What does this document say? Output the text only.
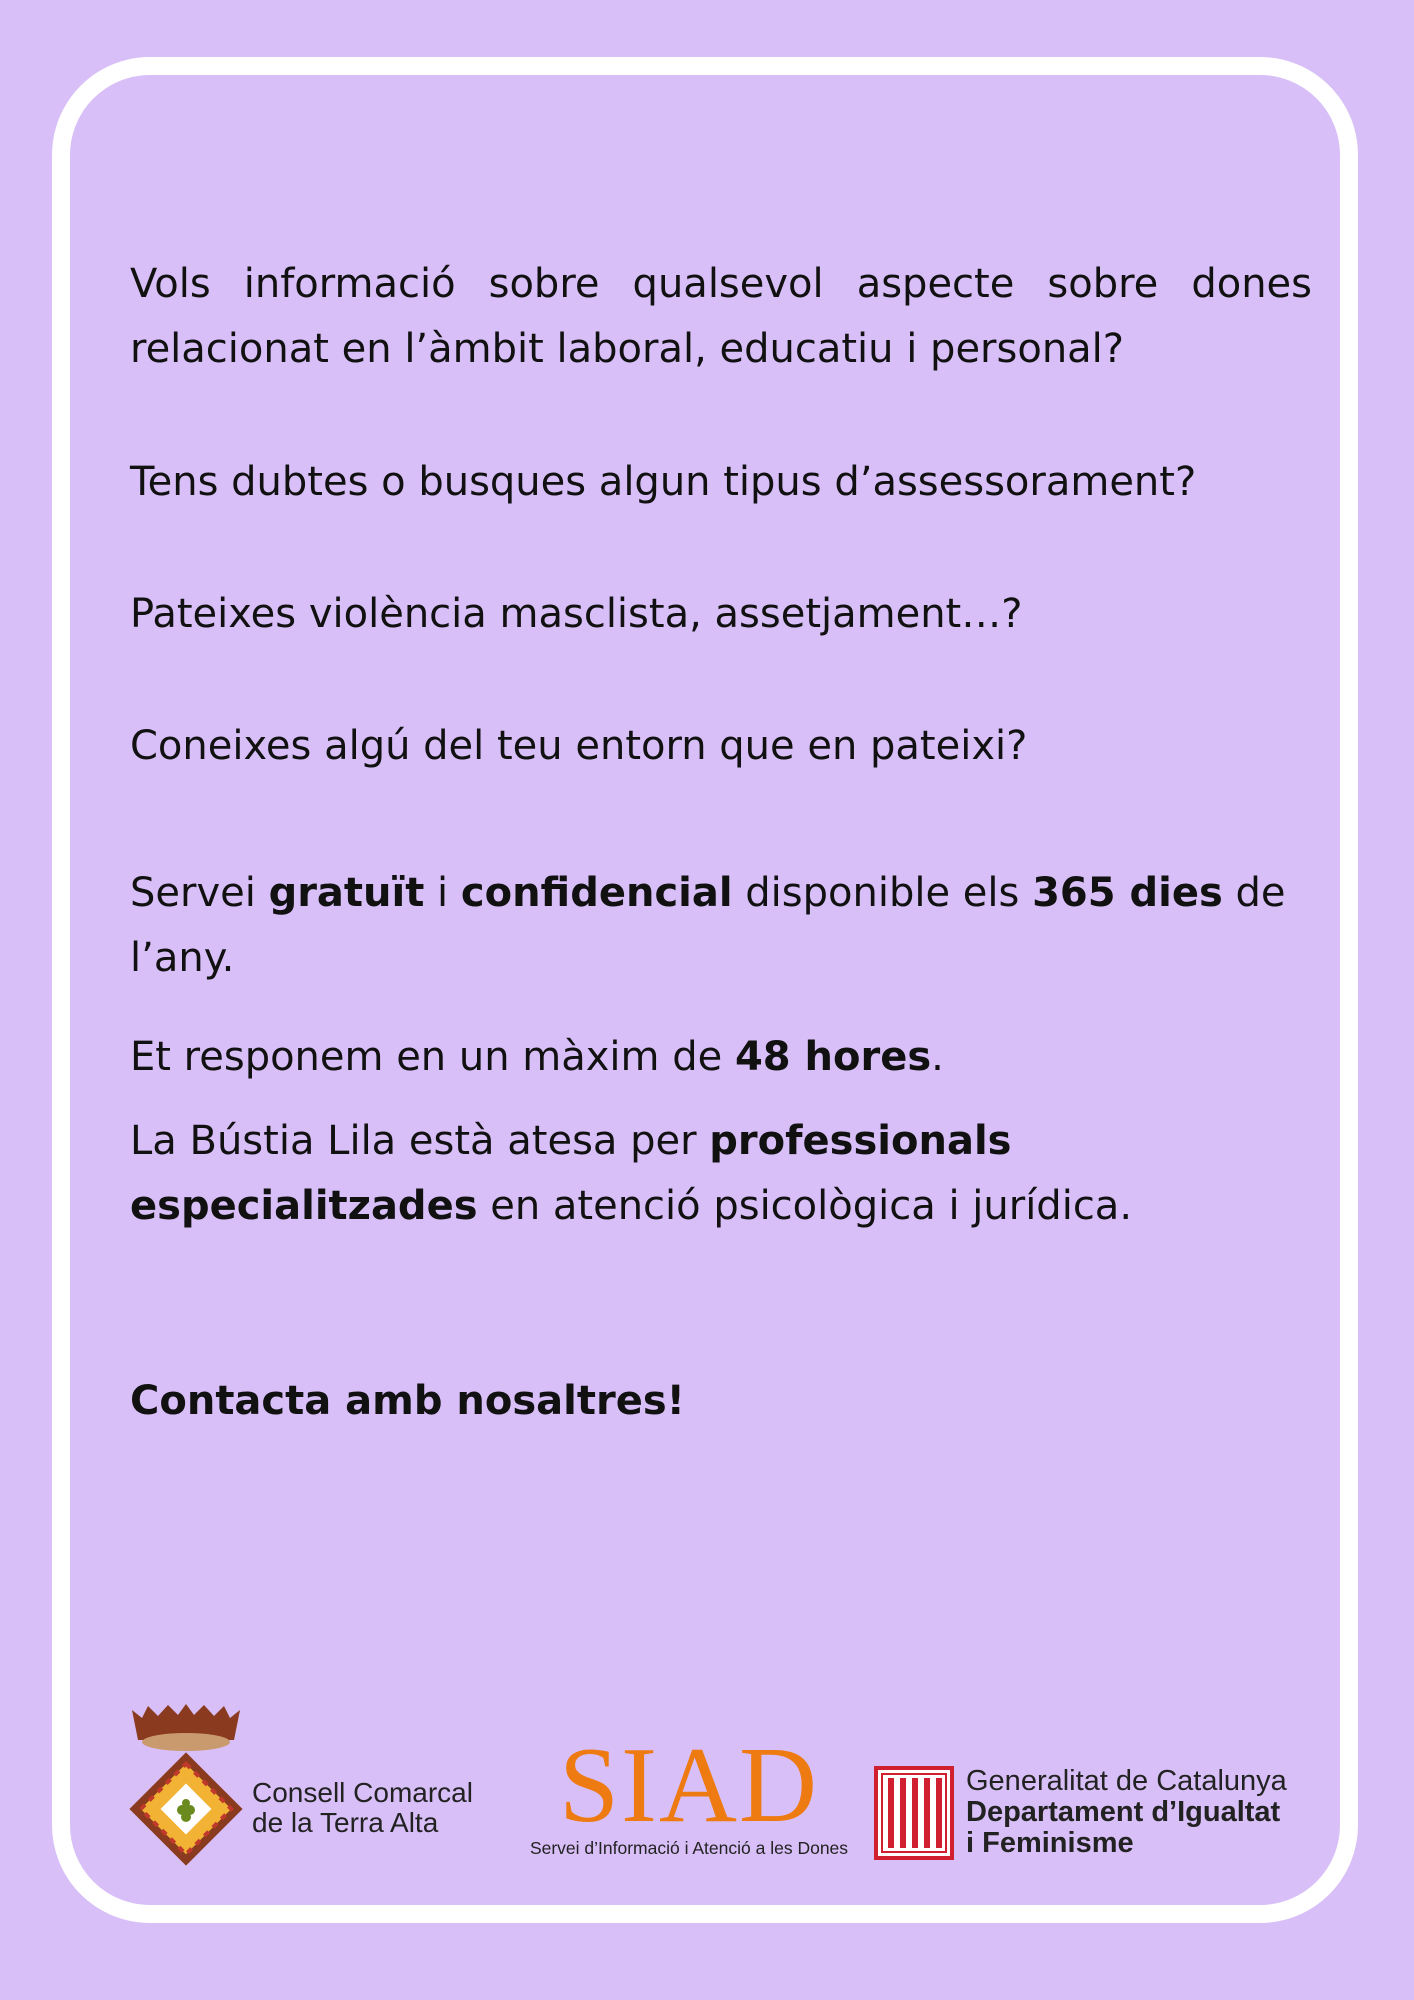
Vols informació sobre qualsevol aspecte sobre dones relacionat en l’àmbit laboral, educatiu i personal?

Tens dubtes o busques algun tipus d’assessorament?

Pateixes violència masclista, assetjament…?

Coneixes algú del teu entorn que en pateixi?

Servei gratuït i confidencial disponible els 365 dies de l’any.

Et responem en un màxim de 48 hores.

La Bústia Lila està atesa per professionals especialitzades en atenció psicològica i jurídica.

Contacta amb nosaltres!

Consell Comarcal
de la Terra Alta	SIAD
Servei d’Informació i Atenció a les Dones
Generalitat de Catalunya
Departament d’Igualtat
i Feminisme
